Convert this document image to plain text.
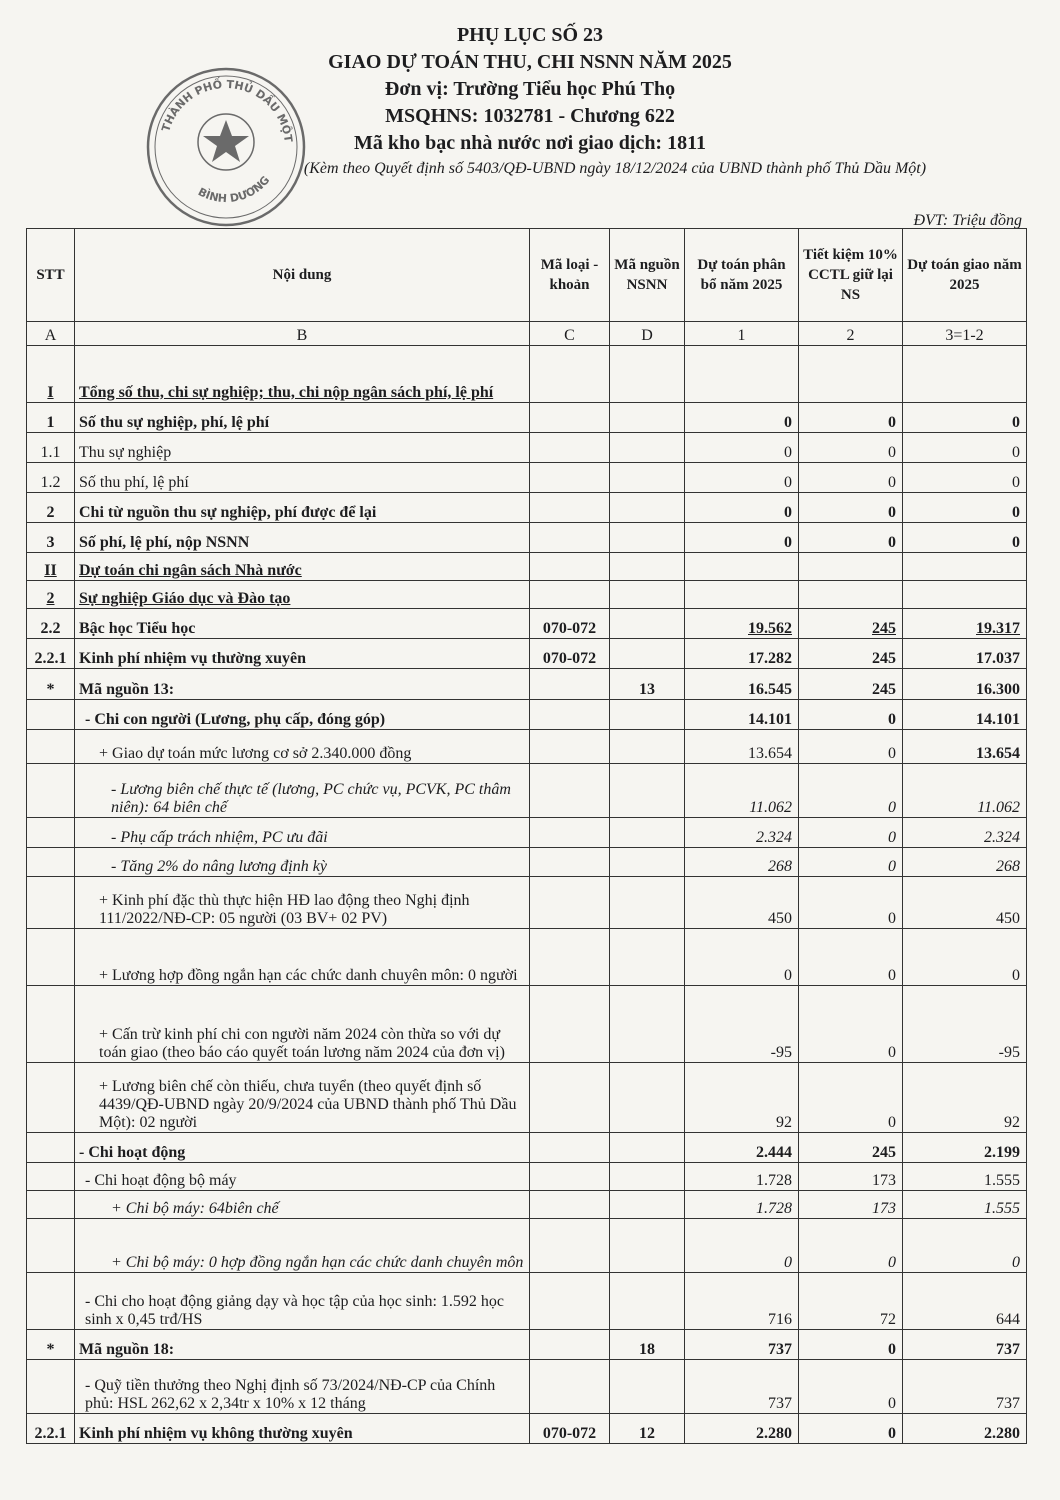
PHỤ LỤC SỐ 23
GIAO DỰ TOÁN THU, CHI NSNN NĂM 2025
Đơn vị: Trường Tiểu học Phú Thọ
MSQHNS: 1032781 - Chương 622
Mã kho bạc nhà nước nơi giao dịch: 1811
(Kèm theo Quyết định số 5403/QĐ-UBND ngày 18/12/2024 của UBND thành phố Thủ Dầu Một)
THÀNH PHỐ THỦ DẦU MỘT
BÌNH DƯƠNG
ĐVT: Triệu đồng
STT	Nội dung	Mã loại - khoản	Mã nguồn NSNN	Dự toán phân bổ năm 2025	Tiết kiệm 10% CCTL giữ lại NS	Dự toán giao năm 2025
A	B	C	D	1	2	3=1-2
I	Tổng số thu, chi sự nghiệp; thu, chi nộp ngân sách phí, lệ phí					
1	Số thu sự nghiệp, phí, lệ phí			0	0	0
1.1	Thu sự nghiệp			0	0	0
1.2	Số thu phí, lệ phí			0	0	0
2	Chi từ nguồn thu sự nghiệp, phí được để lại			0	0	0
3	Số phí, lệ phí, nộp NSNN			0	0	0
II	Dự toán chi ngân sách Nhà nước					
2	Sự nghiệp Giáo dục và Đào tạo					
2.2	Bậc học Tiểu học	070-072		19.562	245	19.317
2.2.1	Kinh phí nhiệm vụ thường xuyên	070-072		17.282	245	17.037
*	Mã nguồn 13:		13	16.545	245	16.300
	- Chi con người (Lương, phụ cấp, đóng góp)			14.101	0	14.101
	+ Giao dự toán mức lương cơ sở 2.340.000 đồng			13.654	0	13.654
	- Lương biên chế thực tế (lương, PC chức vụ, PCVK, PC thâm niên): 64 biên chế			11.062	0	11.062
	- Phụ cấp trách nhiệm, PC ưu đãi			2.324	0	2.324
	- Tăng 2% do nâng lương định kỳ			268	0	268
	+ Kinh phí đặc thù thực hiện HĐ lao động theo Nghị định 111/2022/NĐ-CP: 05 người (03 BV+ 02 PV)			450	0	450
	+ Lương hợp đồng ngắn hạn các chức danh chuyên môn: 0 người			0	0	0
	+ Cấn trừ kinh phí chi con người năm 2024 còn thừa so với dự toán giao (theo báo cáo quyết toán lương năm 2024 của đơn vị)			-95	0	-95
	+ Lương biên chế còn thiếu, chưa tuyển (theo quyết định số 4439/QĐ-UBND ngày 20/9/2024 của UBND thành phố Thủ Dầu Một): 02 người			92	0	92
	- Chi hoạt động			2.444	245	2.199
	- Chi hoạt động bộ máy			1.728	173	1.555
	+ Chi bộ máy: 64biên chế			1.728	173	1.555
	+ Chi bộ máy: 0 hợp đồng ngắn hạn các chức danh chuyên môn			0	0	0
	- Chi cho hoạt động giảng dạy và học tập của học sinh: 1.592 học sinh x 0,45 trđ/HS			716	72	644
*	Mã nguồn 18:		18	737	0	737
	- Quỹ tiền thưởng theo Nghị định số 73/2024/NĐ-CP của Chính phủ: HSL 262,62 x 2,34tr x 10% x 12 tháng			737	0	737
2.2.1	Kinh phí nhiệm vụ không thường xuyên	070-072	12	2.280	0	2.280
